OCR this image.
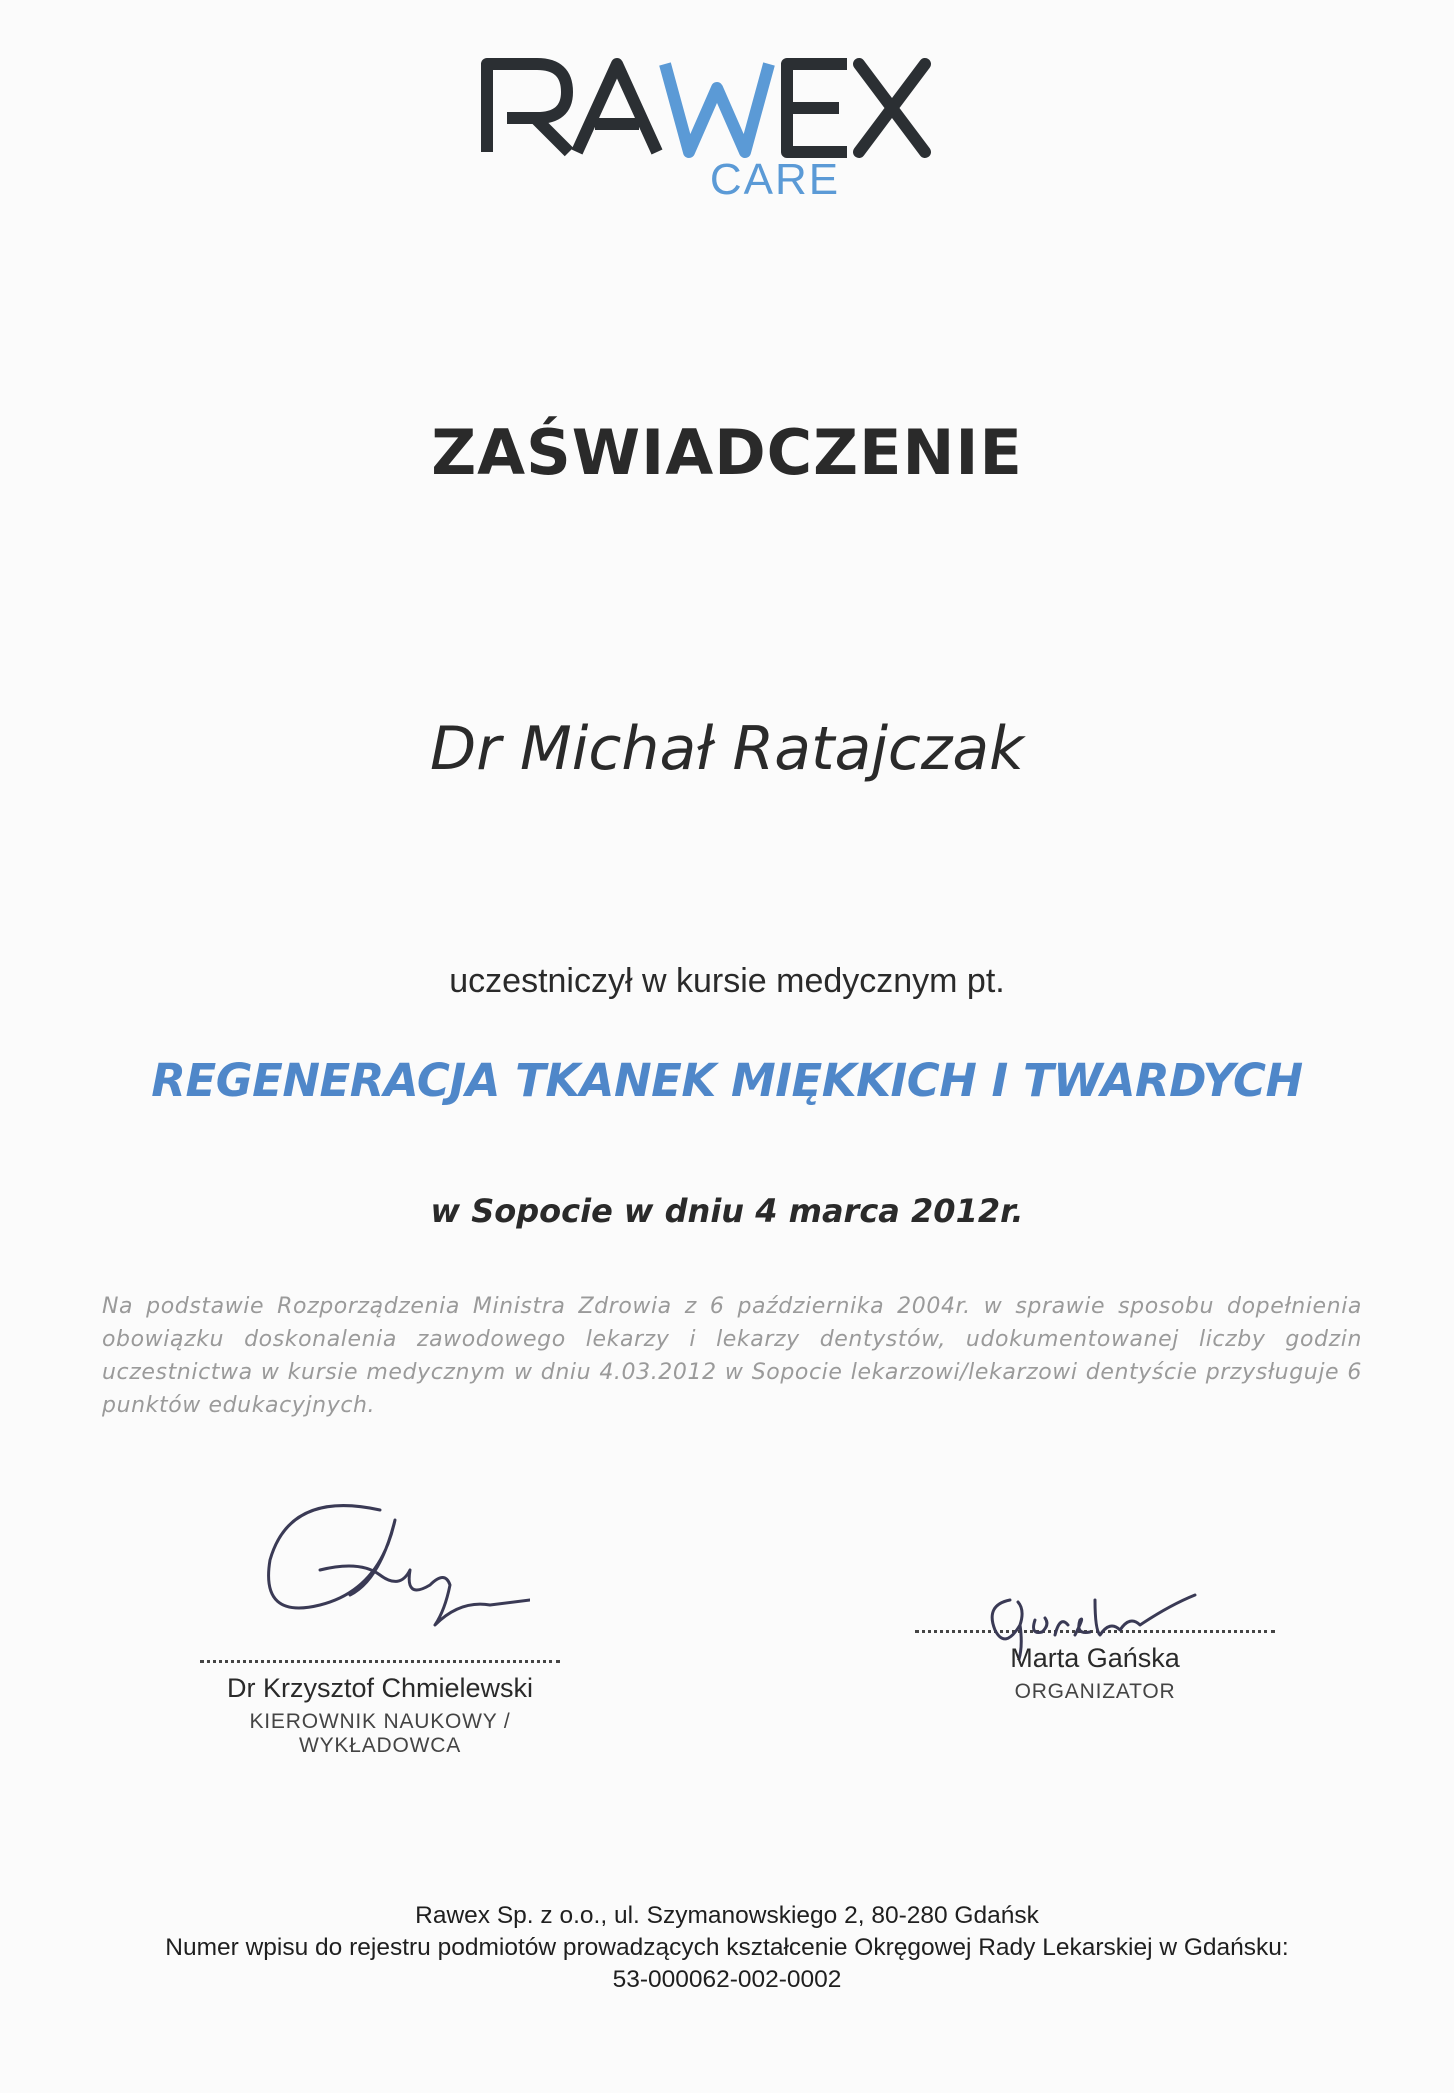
CARE
ZAŚWIADCZENIE
Dr Michał Ratajczak
uczestniczył w kursie medycznym pt.
REGENERACJA TKANEK MIĘKKICH I TWARDYCH
w Sopocie w dniu 4 marca 2012r.
Na podstawie Rozporządzenia Ministra Zdrowia z 6 października 2004r. w sprawie sposobu dopełnienia obowiązku doskonalenia zawodowego lekarzy i lekarzy dentystów, udokumentowanej liczby godzin uczestnictwa w kursie medycznym w dniu 4.03.2012 w Sopocie lekarzowi/lekarzowi dentyście przysługuje 6 punktów edukacyjnych.
Dr Krzysztof Chmielewski
KIEROWNIK NAUKOWY / WYKŁADOWCA
Marta Gańska
ORGANIZATOR
Rawex Sp. z o.o., ul. Szymanowskiego 2, 80-280 Gdańsk
Numer wpisu do rejestru podmiotów prowadzących kształcenie Okręgowej Rady Lekarskiej w Gdańsku:
53-000062-002-0002
